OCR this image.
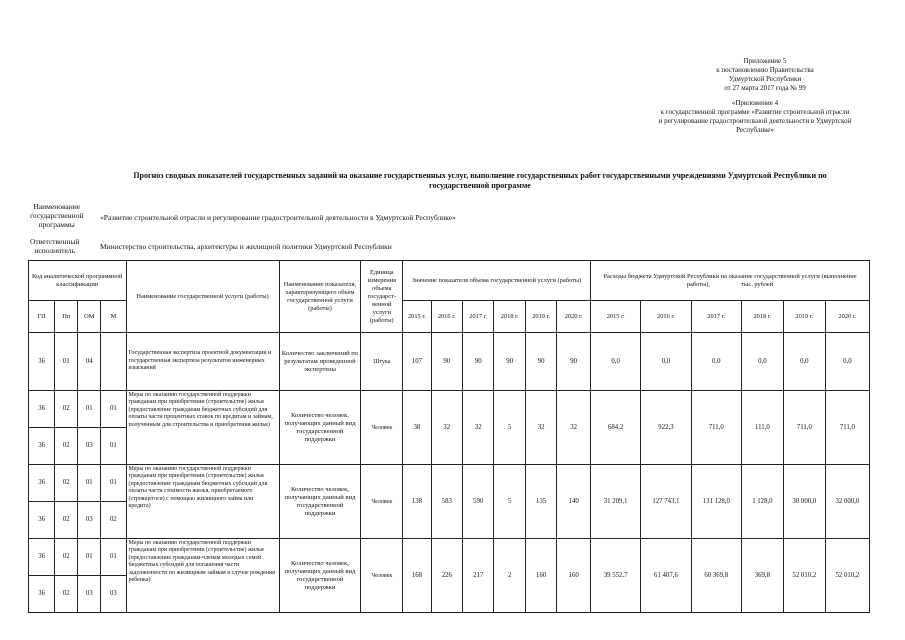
Приложение 5
к постановлению Правительства
Удмуртской Республики
от 27 марта 2017 года № 99
«Приложение 4
к государственной программе «Развитие строительной отрасли
и регулирование градостроительной деятельности в Удмуртской
Республике»
Прогноз сводных показателей государственных заданий на оказание государственных услуг, выполнение государственных работ государственными учреждениями Удмуртской Республики по
государственной программе
Наименование
государственной
программы
«Развитие строительной отрасли и регулирование градостроительной деятельности в Удмуртской Республике»
Ответственный
исполнитель	Министерство строительства, архитектуры и жилищной политики Удмуртской Республики
Код аналитической программной классификации				Наименование государственной услуги (работы)	Наименование показателя, характеризующего объем государственной услуги (работы)	Единица измерения объема государст-венной услуги (работы)	Значение показателя объема государственной услуги (работы)						Расходы бюджета Удмуртской Республики на оказание государственной услуги (выполнение работы), тыс. рублей					
ГП	Пп	ОМ	М				2015 г.	2016 г.	2017 г.	2018 г.	2019 г.	2020 г.	2015 г.	2016 г.	2017 г.	2018 г.	2019 г.	2020 г.
36	01	04		Государственная экспертиза проектной документации и государственная экспертиза результатов инженерных изысканий	Количество заключений по результатам проведенной экспертизы	Штука	107	90	90	90	90	90	0,0	0,0	0,0	0,0	0,0	0,0
36	02	01	01	Меры по оказанию государственной поддержки гражданам при приобретении (строительстве) жилья (предоставление гражданам бюджетных субсидий для оплаты части процентных ставок по кредитам и займам, полученным для строительства и приобретения жилья)	Количество человек, получающих данный вид государственной поддержки	Человек	38	32	32	5	32	32	684,2	922,3	711,0	111,0	711,0	711,0
36	02	03	01															
36	02	01	01	Меры по оказанию государственной поддержки гражданам при приобретении (строительстве) жилья (предоставление гражданам бюджетных субсидий для оплаты части стоимости жилья, приобретаемого (строящегося) с помощью жилищного займа или кредита)	Количество человек, получающих данный вид государственной поддержки	Человек	138	583	590	5	135	140	31 209,1	127 743,1	131 128,0	1 128,0	30 000,0	32 000,0
36	02	03	02															
36	02	01	01	Меры по оказанию государственной поддержки гражданам при приобретении (строительстве) жилья (предоставление гражданам-членам молодых семей бюджетных субсидий для погашения части задолженности по жилищным займам в случае рождения ребенка)	Количество человек, получающих данный вид государственной поддержки	Человек	168	226	217	2	160	160	39 552,7	61 407,6	60 369,8	369,8	52 010,2	52 010,2
36	02	03	03															
